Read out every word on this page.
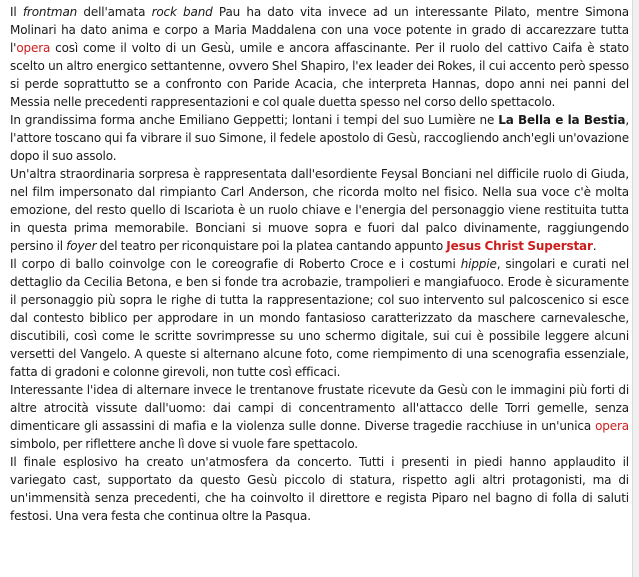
Il frontman dell'amata rock band Pau ha dato vita invece ad un interessante Pilato, mentre Simona Molinari ha dato anima e corpo a Maria Maddalena con una voce potente in grado di accarezzare tutta l'opera così come il volto di un Gesù, umile e ancora affascinante. Per il ruolo del cattivo Caifa è stato scelto un altro energico settantenne, ovvero Shel Shapiro, l'ex leader dei Rokes, il cui accento però spesso si perde soprattutto se a confronto con Paride Acacia, che interpreta Hannas, dopo anni nei panni del Messia nelle precedenti rappresentazioni e col quale duetta spesso nel corso dello spettacolo.

In grandissima forma anche Emiliano Geppetti; lontani i tempi del suo Lumière ne La Bella e la Bestia, l'attore toscano qui fa vibrare il suo Simone, il fedele apostolo di Gesù, raccogliendo anch'egli un'ovazione dopo il suo assolo.

Un'altra straordinaria sorpresa è rappresentata dall'esordiente Feysal Bonciani nel difficile ruolo di Giuda, nel film impersonato dal rimpianto Carl Anderson, che ricorda molto nel fisico. Nella sua voce c'è molta emozione, del resto quello di Iscariota è un ruolo chiave e l'energia del personaggio viene restituita tutta in questa prima memorabile. Bonciani si muove sopra e fuori dal palco divinamente, raggiungendo persino il foyer del teatro per riconquistare poi la platea cantando appunto Jesus Christ Superstar.

Il corpo di ballo coinvolge con le coreografie di Roberto Croce e i costumi hippie, singolari e curati nel dettaglio da Cecilia Betona, e ben si fonde tra acrobazie, trampolieri e mangiafuoco. Erode è sicuramente il personaggio più sopra le righe di tutta la rappresentazione; col suo intervento sul palcoscenico si esce dal contesto biblico per approdare in un mondo fantasioso caratterizzato da maschere carnevalesche, discutibili, così come le scritte sovrimpresse su uno schermo digitale, sui cui è possibile leggere alcuni versetti del Vangelo. A queste si alternano alcune foto, come riempimento di una scenografia essenziale, fatta di gradoni e colonne girevoli, non tutte così efficaci.

Interessante l'idea di alternare invece le trentanove frustate ricevute da Gesù con le immagini più forti di altre atrocità vissute dall'uomo: dai campi di concentramento all'attacco delle Torri gemelle, senza dimenticare gli assassini di mafia e la violenza sulle donne. Diverse tragedie racchiuse in un'unica opera simbolo, per riflettere anche lì dove si vuole fare spettacolo.

Il finale esplosivo ha creato un'atmosfera da concerto. Tutti i presenti in piedi hanno applaudito il variegato cast, supportato da questo Gesù piccolo di statura, rispetto agli altri protagonisti, ma di un'immensità senza precedenti, che ha coinvolto il direttore e regista Piparo nel bagno di folla di saluti festosi. Una vera festa che continua oltre la Pasqua.
